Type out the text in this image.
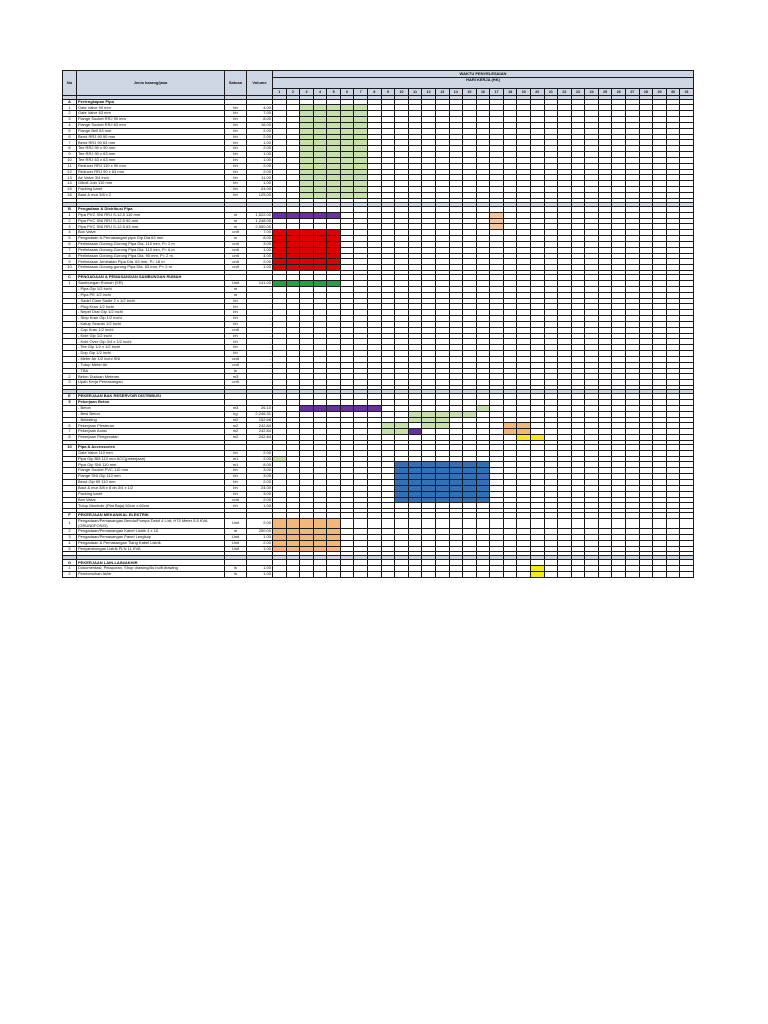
No	Jenis barang/jasa	Satuan	Volume	WAKTU PENYELESAIAN																														
				HARI KERJA (HK)																														
				1	2	3	4	5	6	7	8	9	10	11	12	13	14	15	16	17	18	19	20	21	22	23	24	25	26	27	28	29	30	31

A	Perlengkapan Pipa																																	
1	Gate Valve 90 mm	bh	4.00																															
2	Gate Valve 63 mm	bh	7.00																															
3	Flange Socket RRJ 90 mm	bh	8.00																															
4	Flange Socket RRJ 63 mm	bh	16.00																															
5	Flange Bell 63 mm	bh	2.00																															
6	Bend RRJ 90 90 mm	bh	2.00																															
7	Bend RRJ 90 63 mm	bh	1.00																															
8	Tee RRJ 90 x 90 mm	bh	2.00																															
9	Tee RRJ 90 x 63 mm	bh	1.00																															
10	Tee RRJ 63 x 63 mm	bh	1.00																															
11	Reducer RRJ 110 x 90 mm	bh	2.00																															
12	Reducer RRJ 90 x 63 mm	bh	2.00																															
13	Air Valve 3/4 inch	bh	11.00																															
14	Gibolt Join 110 mm	bh	1.00																															
15	Packing karet	bh	24.00																															
16	Baut & mur 3/8 x 2	bh	125.00																															

B	Pengadaan & Distribusi Pipa																																	
1	Pipa PVC SNI RRJ S-12.5 110 mm	m	1,522.00																															
2	Pipa PVC SNI RRJ S-12.5 90 mm	m	1,248.00																															
3	Pipa PVC SNI RRJ S-12.5 63 mm	m	2,550.00																															
4	Box Valve	unit	7.00																															
5	Pengadaan & Pemasangan pipa Gip Dia 63 mm	m	8.00																															
6	Perlintasan Gorong-Gorong Pipa Dia. 110 mm, P= 2 m	unit	3.00																															
7	Perlintasan Gorong-Gorong Pipa Dia. 110 mm, P= 6 m	unit	1.00																															
8	Perlintasan Gorong-Gorong Pipa Dia. 90 mm, P= 2 m	unit	4.00																															
9	Perlintasan Jembatan Pipa Dia. 63 mm, P= 18 m	unit	2.00																															
10	Perlintasan Gorong-gorong Pipa Dia. 63 mm, P= 2 m	unit	1.00																															

C	PENGADAAN & PEMASANGAN SAMBUNGAN RUMAH																																	
1	Sambungan Rumah (SR)	Unit	141.00																															
	- Pipa Gip 1/2 inchi	m	-																															
	- Pipa PE 1/2 inchi	m	-																															
	- Sadel Clam Sadle 2 x 1/2 inchi	bh	-																															
	- Plug Kran 1/2 inchi	bh	-																															
	- Nepel Drat Gip 1/2 inchi	bh	-																															
	- Stop Kran Gip 1/2 inchi	bh	-																															
	- Katup Searah 1/2 inchi	bh	-																															
	- Cap Kran 1/2 inchi	unit	-																															
	- Knie Gip 1/2 inchi	bh	-																															
	- Knie Over Gip 3/4 x 1/2 inchi	bh	-																															
	- Tee Gip 1/2 x 1/2 inchi	bh	-																															
	- Dop Gip 1/2 inchi	bh	-																															
	- Meter Air 1/2 inchi SNI	unit	-																															
	- Tutup Meter Air	unit	-																															
	- TBA	ls	-																															
2	Beton Duduan Meteran	m3	-																															
3	Upah Kerja Pemasangan	unit	-																															

E	PEKERJAAN BAK RESERVOIR DISTRIBUSI																																	
5	Pekerjaan Beton																																	
	- Beton	m3	26.10																															
	- Besi Beton	kg	2,246.31																															
	- Bekisting	m2	152.68																															
6	Pekerjaan Plesteran	m2	242.84																															
7	Pekerjaan Acian	m2	242.84																															
8	Pekerjaan Pengecatan	m2	242.84																															

10	Pipa & Accessories																																	
	Gate Valve 110 mm	bh	2.00																															
	Pipa Gip BM 110 mm ACC(pekerjaan)	m1	2.00																															
	Pipa Gip SNI 110 mm	m1	8.00																															
	Flange Socket PVC 110 mm	bh	3.00																															
	Flange SNI Gip 110 mm	bh	3.00																															
	Bend Gip 90 110 mm	bh	2.00																															
	Baut & mur 3/8 x 8 dn 3/4 x 1/2	bh	24.00																															
	Packing karet	bh	3.00																															
	Box Valve	unit	2.00																															
	Tutup Manhole (Plat Baja) 60cm x 60cm	bh	1.00																															

F	PEKERJAAN MEKANIKAL ELEKTRIK																																	
1	Pengadaan/Pemasangan Benda/Pompa Debit 4 L/dt, H75 Meter 5.5 KVA (GRUNDFOS/D)	Unit	2.00																															
2	Pengadaan/Pemasangan Kabel Listrik 4 x 16	m	250.00																															
3	Pengadaan/Pemasangan Panel Lengkap	Unit	1.00																															
4	Pengadaan & Pemasangan Tiang Kabel Listrik	Unit	2.00																															
5	Penyambungan Listrik PLN 11 KVA	Unit	1.00																															

G	PEKERJAAN LAIN-LAIN/AKHIR																																	
1	Dokumentasi, Pelaporan, Shop drawing/As built drawing	ls	1.00																															
2	Pembersihan Akhir	ls	1.00																															
